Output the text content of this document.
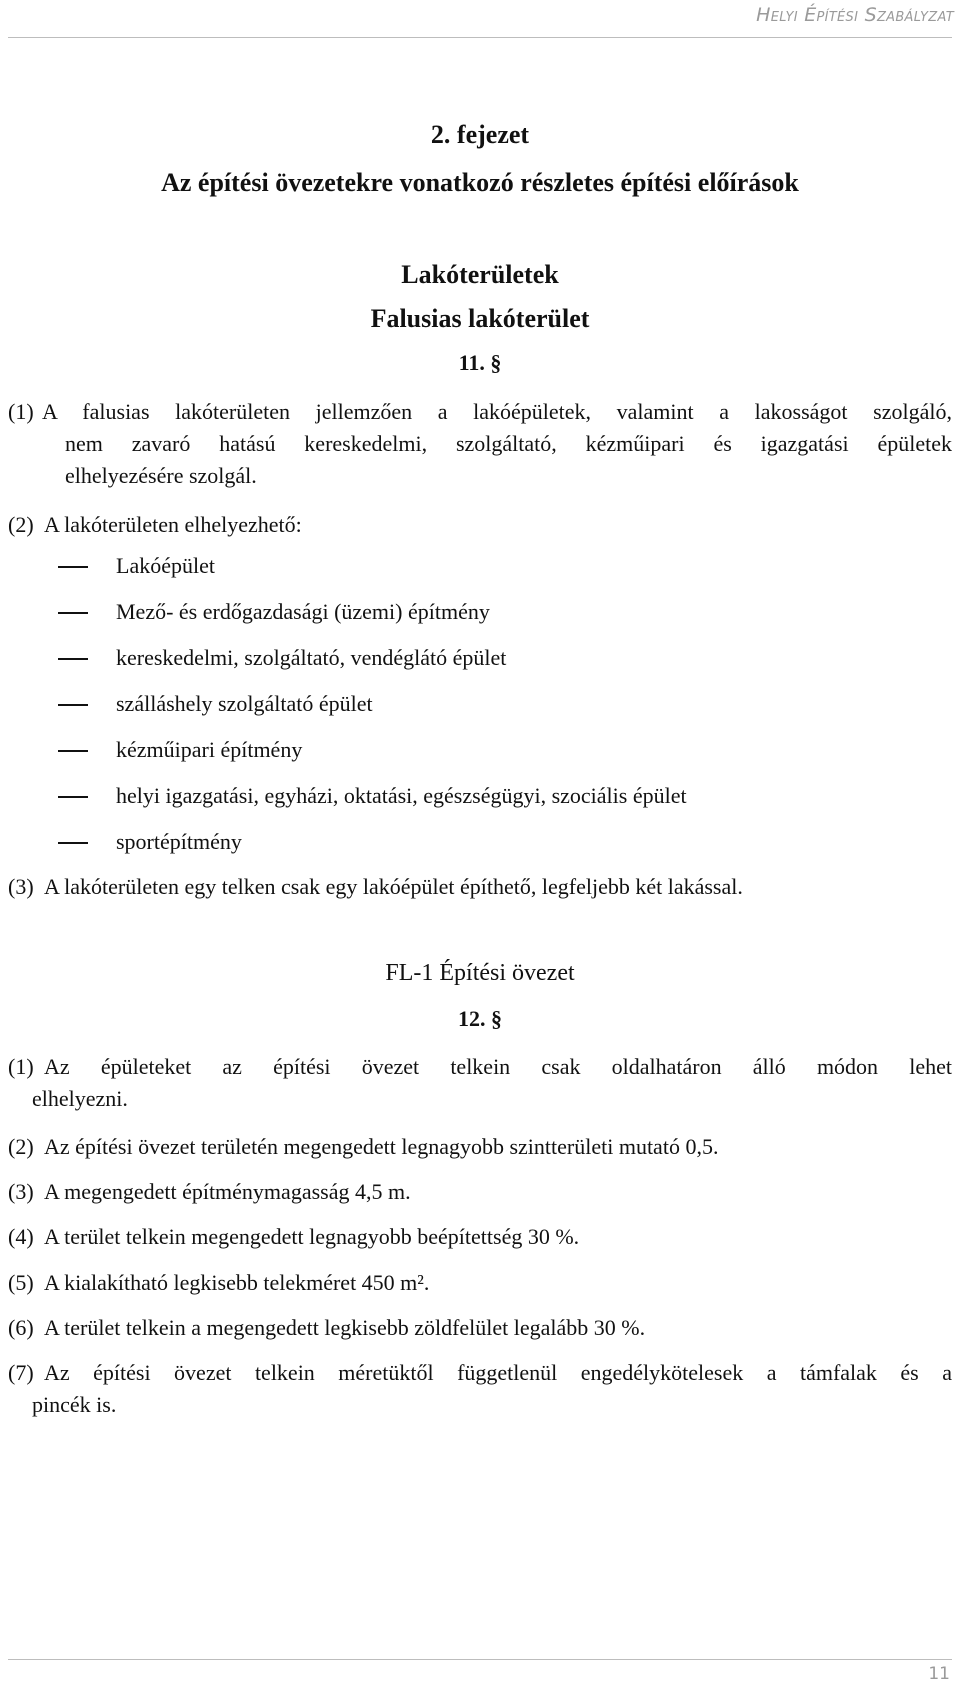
Helyi Építési Szabályzat
2. fejezet
Az építési övezetekre vonatkozó részletes építési előírások
Lakóterületek
Falusias lakóterület
11. §
(1) A falusias lakóterületen jellemzően a lakóépületek, valamint a lakosságot szolgáló,
nem zavaró hatású kereskedelmi, szolgáltató, kézműipari és igazgatási épületek
elhelyezésére szolgál.
(2) A lakóterületen elhelyezhető:
Lakóépület
Mező- és erdőgazdasági (üzemi) építmény
kereskedelmi, szolgáltató, vendéglátó épület
szálláshely szolgáltató épület
kézműipari építmény
helyi igazgatási, egyházi, oktatási, egészségügyi, szociális épület
sportépítmény
(3) A lakóterületen egy telken csak egy lakóépület építhető, legfeljebb két lakással.
FL-1 Építési övezet
12. §
(1) Az épületeket az építési övezet telkein csak oldalhatáron álló módon lehet
elhelyezni.
(2) Az építési övezet területén megengedett legnagyobb szintterületi mutató 0,5.
(3) A megengedett építménymagasság 4,5 m.
(4) A terület telkein megengedett legnagyobb beépítettség 30 %.
(5) A kialakítható legkisebb telekméret 450 m².
(6) A terület telkein a megengedett legkisebb zöldfelület legalább 30 %.
(7) Az építési övezet telkein méretüktől függetlenül engedélykötelesek a támfalak és a
pincék is.
11
